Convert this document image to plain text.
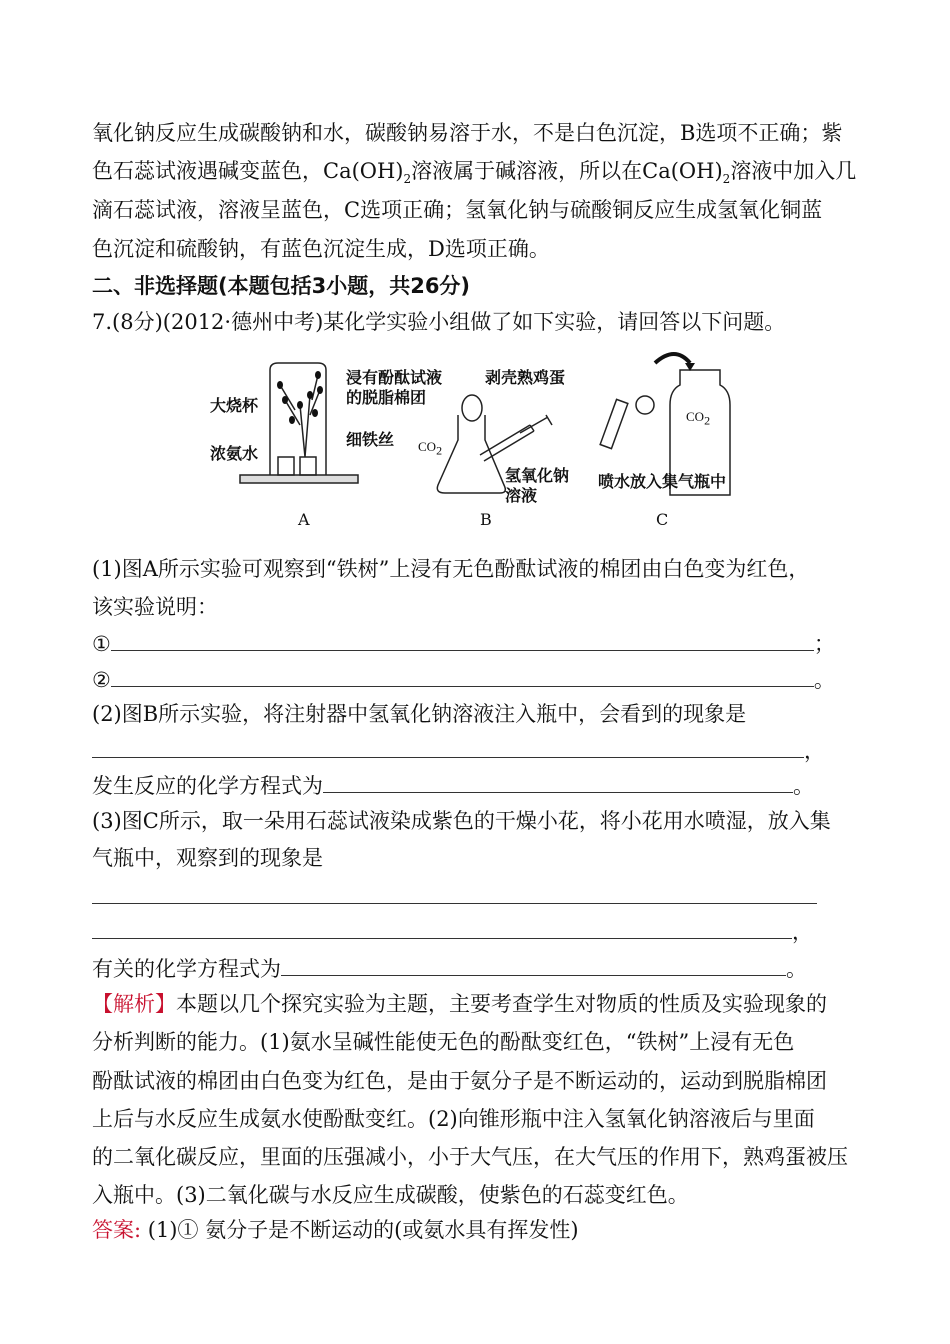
氧化钠反应生成碳酸钠和水，碳酸钠易溶于水，不是白色沉淀，B选项不正确；紫
色石蕊试液遇碱变蓝色，$Ca(OH)_2$溶液属于碱溶液，所以在$Ca(OH)_2$溶液中加入几
滴石蕊试液，溶液呈蓝色，C选项正确；氢氧化钠与硫酸铜反应生成氢氧化铜蓝
色沉淀和硫酸钠，有蓝色沉淀生成，D选项正确。
二、非选择题(本题包括3小题，共26分)
7.(8分)(2012·德州中考)某化学实验小组做了如下实验，请回答以下问题。
大烧杯
浓氨水
浸有酚酞试液
的脱脂棉团
细铁丝
剥壳熟鸡蛋
$CO_2$
氢氧化钠
溶液
$CO_2$
喷水放入集气瓶中
A	B	C
(1)图A所示实验可观察到“铁树”上浸有无色酚酞试液的棉团由白色变为红色，
该实验说明：
①	；
②	。
(2)图B所示实验，将注射器中氢氧化钠溶液注入瓶中，会看到的现象是
，
发生反应的化学方程式为	。
(3)图C所示，取一朵用石蕊试液染成紫色的干燥小花，将小花用水喷湿，放入集
气瓶中，观察到的现象是
，
有关的化学方程式为	。
【解析】本题以几个探究实验为主题，主要考查学生对物质的性质及实验现象的
分析判断的能力。(1)氨水呈碱性能使无色的酚酞变红色，“铁树”上浸有无色
酚酞试液的棉团由白色变为红色，是由于氨分子是不断运动的，运动到脱脂棉团
上后与水反应生成氨水使酚酞变红。(2)向锥形瓶中注入氢氧化钠溶液后与里面
的二氧化碳反应，里面的压强减小，小于大气压，在大气压的作用下，熟鸡蛋被压
入瓶中。(3)二氧化碳与水反应生成碳酸，使紫色的石蕊变红色。
答案: (1)① 氨分子是不断运动的(或氨水具有挥发性)
